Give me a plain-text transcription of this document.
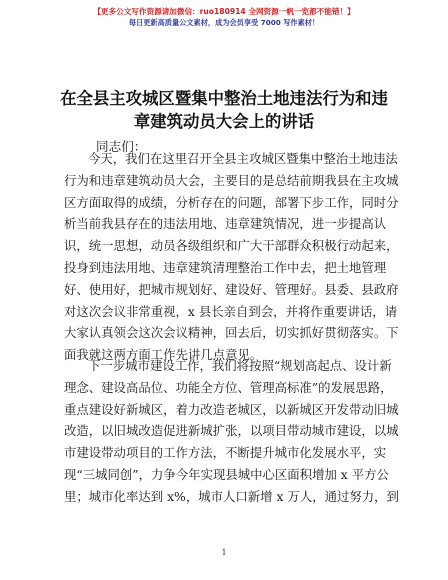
【更多公文写作资源请加微信：ruo180914 全网资源一帆一览都不能错！】
每日更新高质量公文素材，成为会员享受 7000 写作素材！
在全县主攻城区暨集中整治土地违法行为和违
章建筑动员大会上的讲话
同志们：
今天，我们在这里召开全县主攻城区暨集中整治土地违法
行为和违章建筑动员大会，主要目的是总结前期我县在主攻城
区方面取得的成绩，分析存在的问题，部署下步工作，同时分
析当前我县存在的违法用地、违章建筑情况，进一步提高认
识，统一思想，动员各级组织和广大干部群众积极行动起来，
投身到违法用地、违章建筑清理整治工作中去，把土地管理
好、使用好，把城市规划好、建设好、管理好。县委、县政府
对这次会议非常重视，x 县长亲自到会，并将作重要讲话，请
大家认真领会这次会议精神，回去后，切实抓好贯彻落实。下
面我就这两方面工作先讲几点意见。
下一步城市建设工作，我们将按照“规划高起点、设计新
理念、建设高品位、功能全方位、管理高标准”的发展思路，
重点建设好新城区，着力改造老城区，以新城区开发带动旧城
改造，以旧城改造促进新城扩张，以项目带动城市建设，以城
市建设带动项目的工作方法，不断提升城市化发展水平，实
现“三城同创”，力争今年实现县城中心区面积增加 x 平方公
里；城市化率达到 x%，城市人口新增 x 万人，通过努力，到
1
